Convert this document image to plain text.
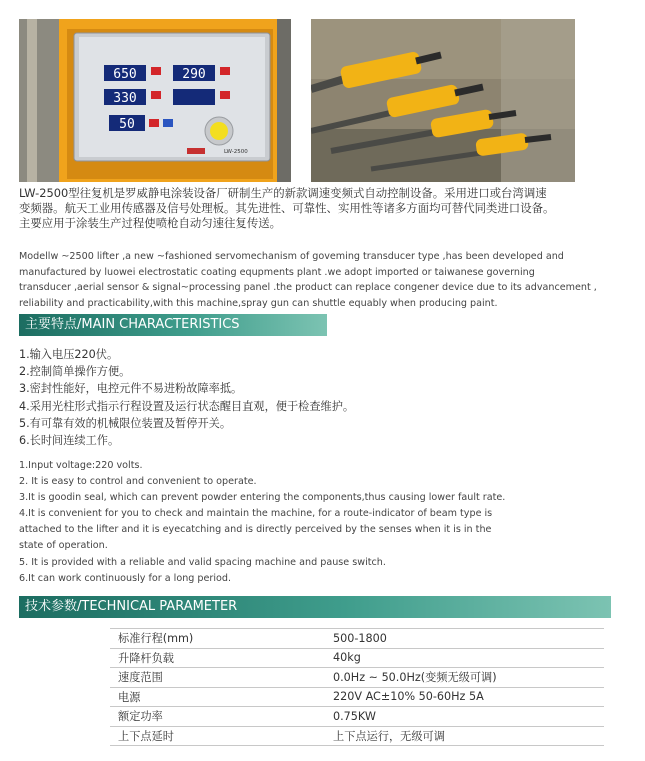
650	290
330
50
LW-2500
LW-2500型往复机是罗威静电涂装设备厂研制生产的新款调速变频式自动控制设备。采用进口或台湾调速
变频器。航天工业用传感器及信号处理板。其先进性、可靠性、实用性等诸多方面均可替代同类进口设备。
主要应用于涂装生产过程使喷枪自动匀速往复传送。
Modellw ~2500 lifter ,a new ~fashioned servomechanism of goveming transducer type ,has been developed and
manufactured by luowei electrostatic coating equpments plant .we adopt imported or taiwanese governing
transducer ,aerial sensor & signal~processing panel .the product can replace congener device due to its advancement ,
reliability and practicability,with this machine,spray gun can shuttle equably when producing paint.
主要特点/MAIN CHARACTERISTICS
1.输入电压220伏。
2.控制简单操作方便。
3.密封性能好，电控元件不易进粉故障率抵。
4.采用光柱形式指示行程设置及运行状态醒目直观，便于检查维护。
5.有可靠有效的机械限位装置及暂停开关。
6.长时间连续工作。
1.Input voltage:220 volts.
2. It is easy to control and convenient to operate.
3.It is goodin seal, which can prevent powder entering the components,thus causing lower fault rate.
4.It is convenient for you to check and maintain the machine, for a route-indicator of beam type is
attached to the lifter and it is eyecatching and is directly perceived by the senses when it is in the
state of operation.
5. It is provided with a reliable and valid spacing machine and pause switch.
6.It can work continuously for a long period.
技术参数/TECHNICAL PARAMETER
标准行程(mm)	500-1800
升降杆负载	40kg
速度范围	0.0Hz ~ 50.0Hz(变频无级可调)
电源	220V AC±10% 50-60Hz 5A
额定功率	0.75KW
上下点延时	上下点运行，无级可调
